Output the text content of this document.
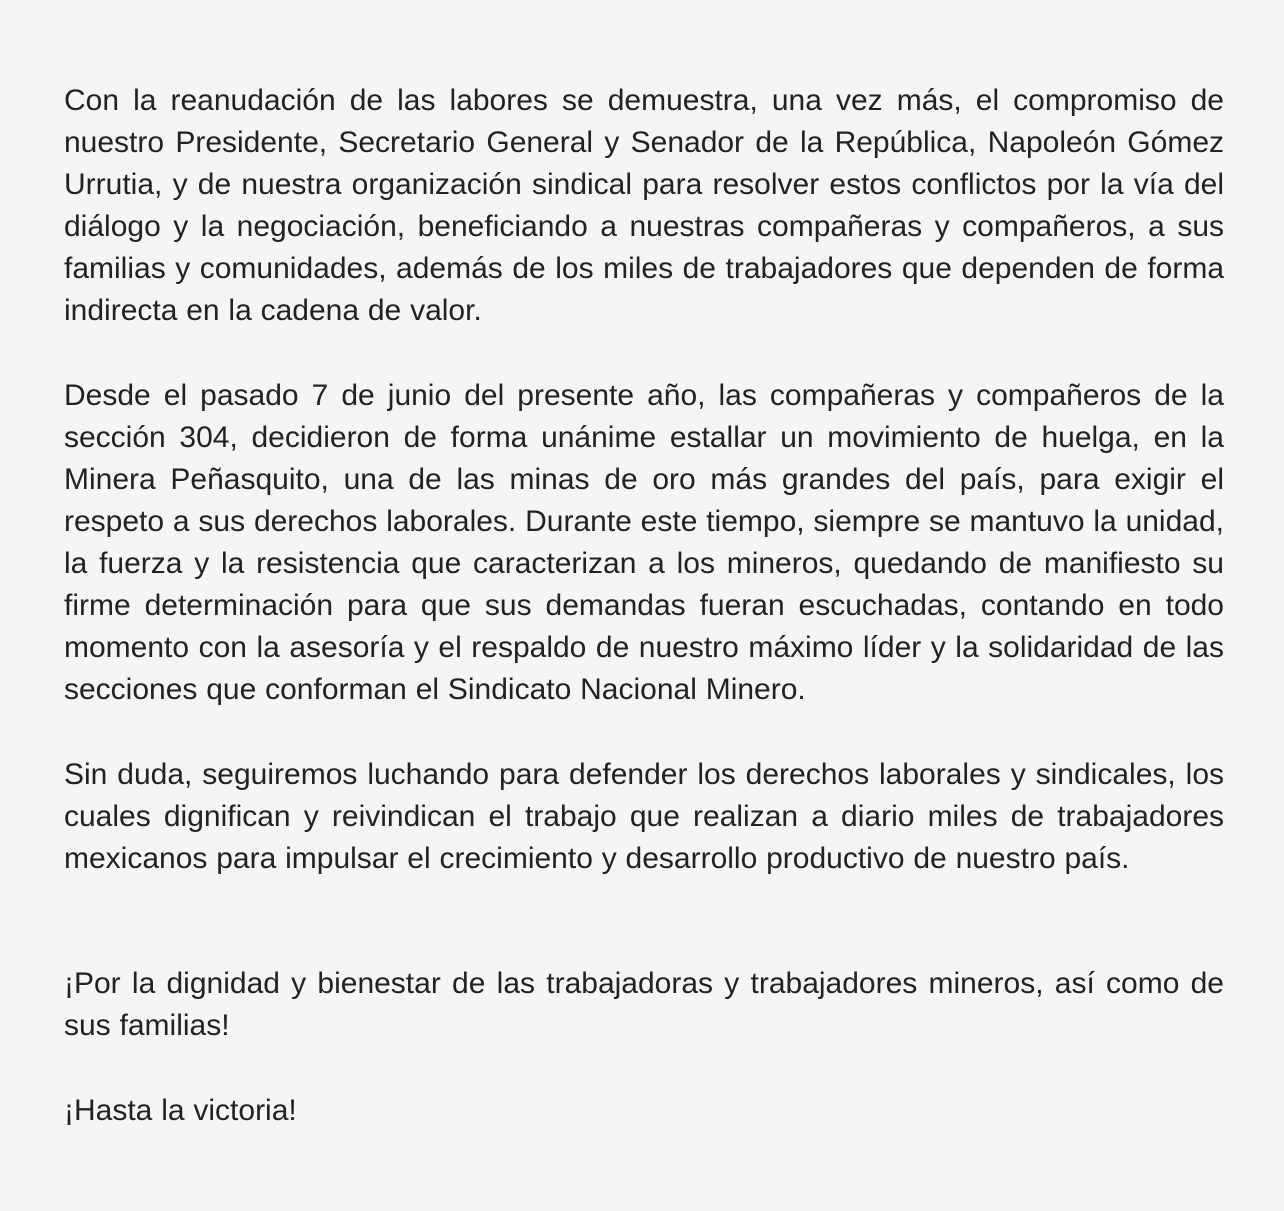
Con la reanudación de las labores se demuestra, una vez más, el compromiso de nuestro Presidente, Secretario General y Senador de la República, Napoleón Gómez Urrutia, y de nuestra organización sindical para resolver estos conflictos por la vía del diálogo y la negociación, beneficiando a nuestras compañeras y compañeros, a sus familias y comunidades, además de los miles de trabajadores que dependen de forma indirecta en la cadena de valor.

Desde el pasado 7 de junio del presente año, las compañeras y compañeros de la sección 304, decidieron de forma unánime estallar un movimiento de huelga, en la Minera Peñasquito, una de las minas de oro más grandes del país, para exigir el respeto a sus derechos laborales. Durante este tiempo, siempre se mantuvo la unidad, la fuerza y la resistencia que caracterizan a los mineros, quedando de manifiesto su firme determinación para que sus demandas fueran escuchadas, contando en todo momento con la asesoría y el respaldo de nuestro máximo líder y la solidaridad de las secciones que conforman el Sindicato Nacional Minero.

Sin duda, seguiremos luchando para defender los derechos laborales y sindicales, los cuales dignifican y reivindican el trabajo que realizan a diario miles de trabajadores mexicanos para impulsar el crecimiento y desarrollo productivo de nuestro país.

¡Por la dignidad y bienestar de las trabajadoras y trabajadores mineros, así como de sus familias!

¡Hasta la victoria!
